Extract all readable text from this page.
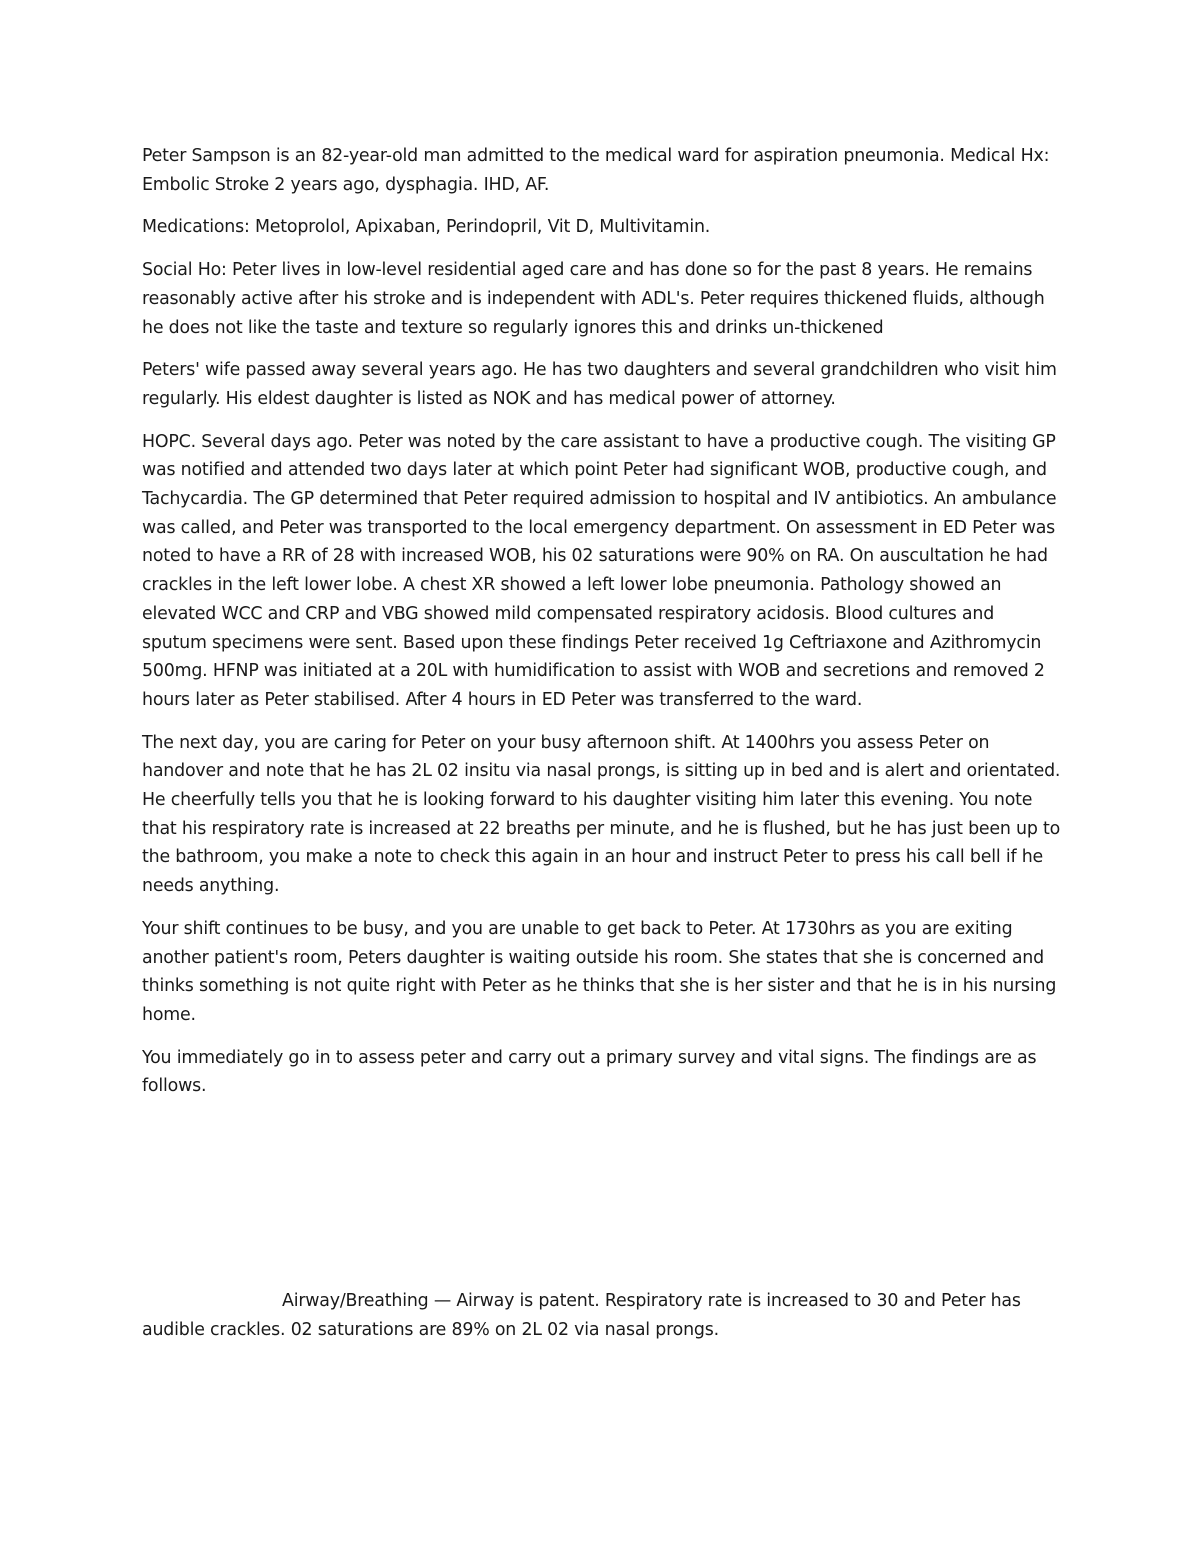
Peter Sampson is an 82-year-old man admitted to the medical ward for aspiration pneumonia. Medical Hx: Embolic Stroke 2 years ago, dysphagia. IHD, AF.

Medications: Metoprolol, Apixaban, Perindopril, Vit D, Multivitamin.

Social Ho: Peter lives in low-level residential aged care and has done so for the past 8 years. He remains reasonably active after his stroke and is independent with ADL's. Peter requires thickened fluids, although he does not like the taste and texture so regularly ignores this and drinks un-thickened

Peters' wife passed away several years ago. He has two daughters and several grandchildren who visit him regularly. His eldest daughter is listed as NOK and has medical power of attorney.

HOPC. Several days ago. Peter was noted by the care assistant to have a productive cough. The visiting GP was notified and attended two days later at which point Peter had significant WOB, productive cough, and Tachycardia. The GP determined that Peter required admission to hospital and IV antibiotics. An ambulance was called, and Peter was transported to the local emergency department. On assessment in ED Peter was noted to have a RR of 28 with increased WOB, his 02 saturations were 90% on RA. On auscultation he had crackles in the left lower lobe. A chest XR showed a left lower lobe pneumonia. Pathology showed an elevated WCC and CRP and VBG showed mild compensated respiratory acidosis. Blood cultures and sputum specimens were sent. Based upon these findings Peter received 1g Ceftriaxone and Azithromycin 500mg. HFNP was initiated at a 20L with humidification to assist with WOB and secretions and removed 2 hours later as Peter stabilised. After 4 hours in ED Peter was transferred to the ward.

The next day, you are caring for Peter on your busy afternoon shift. At 1400hrs you assess Peter on handover and note that he has 2L 02 insitu via nasal prongs, is sitting up in bed and is alert and orientated. He cheerfully tells you that he is looking forward to his daughter visiting him later this evening. You note that his respiratory rate is increased at 22 breaths per minute, and he is flushed, but he has just been up to the bathroom, you make a note to check this again in an hour and instruct Peter to press his call bell if he needs anything.

Your shift continues to be busy, and you are unable to get back to Peter. At 1730hrs as you are exiting another patient's room, Peters daughter is waiting outside his room. She states that she is concerned and thinks something is not quite right with Peter as he thinks that she is her sister and that he is in his nursing home.

You immediately go in to assess peter and carry out a primary survey and vital signs. The findings are as follows.

Airway/Breathing — Airway is patent. Respiratory rate is increased to 30 and Peter has audible crackles. 02 saturations are 89% on 2L 02 via nasal prongs.
